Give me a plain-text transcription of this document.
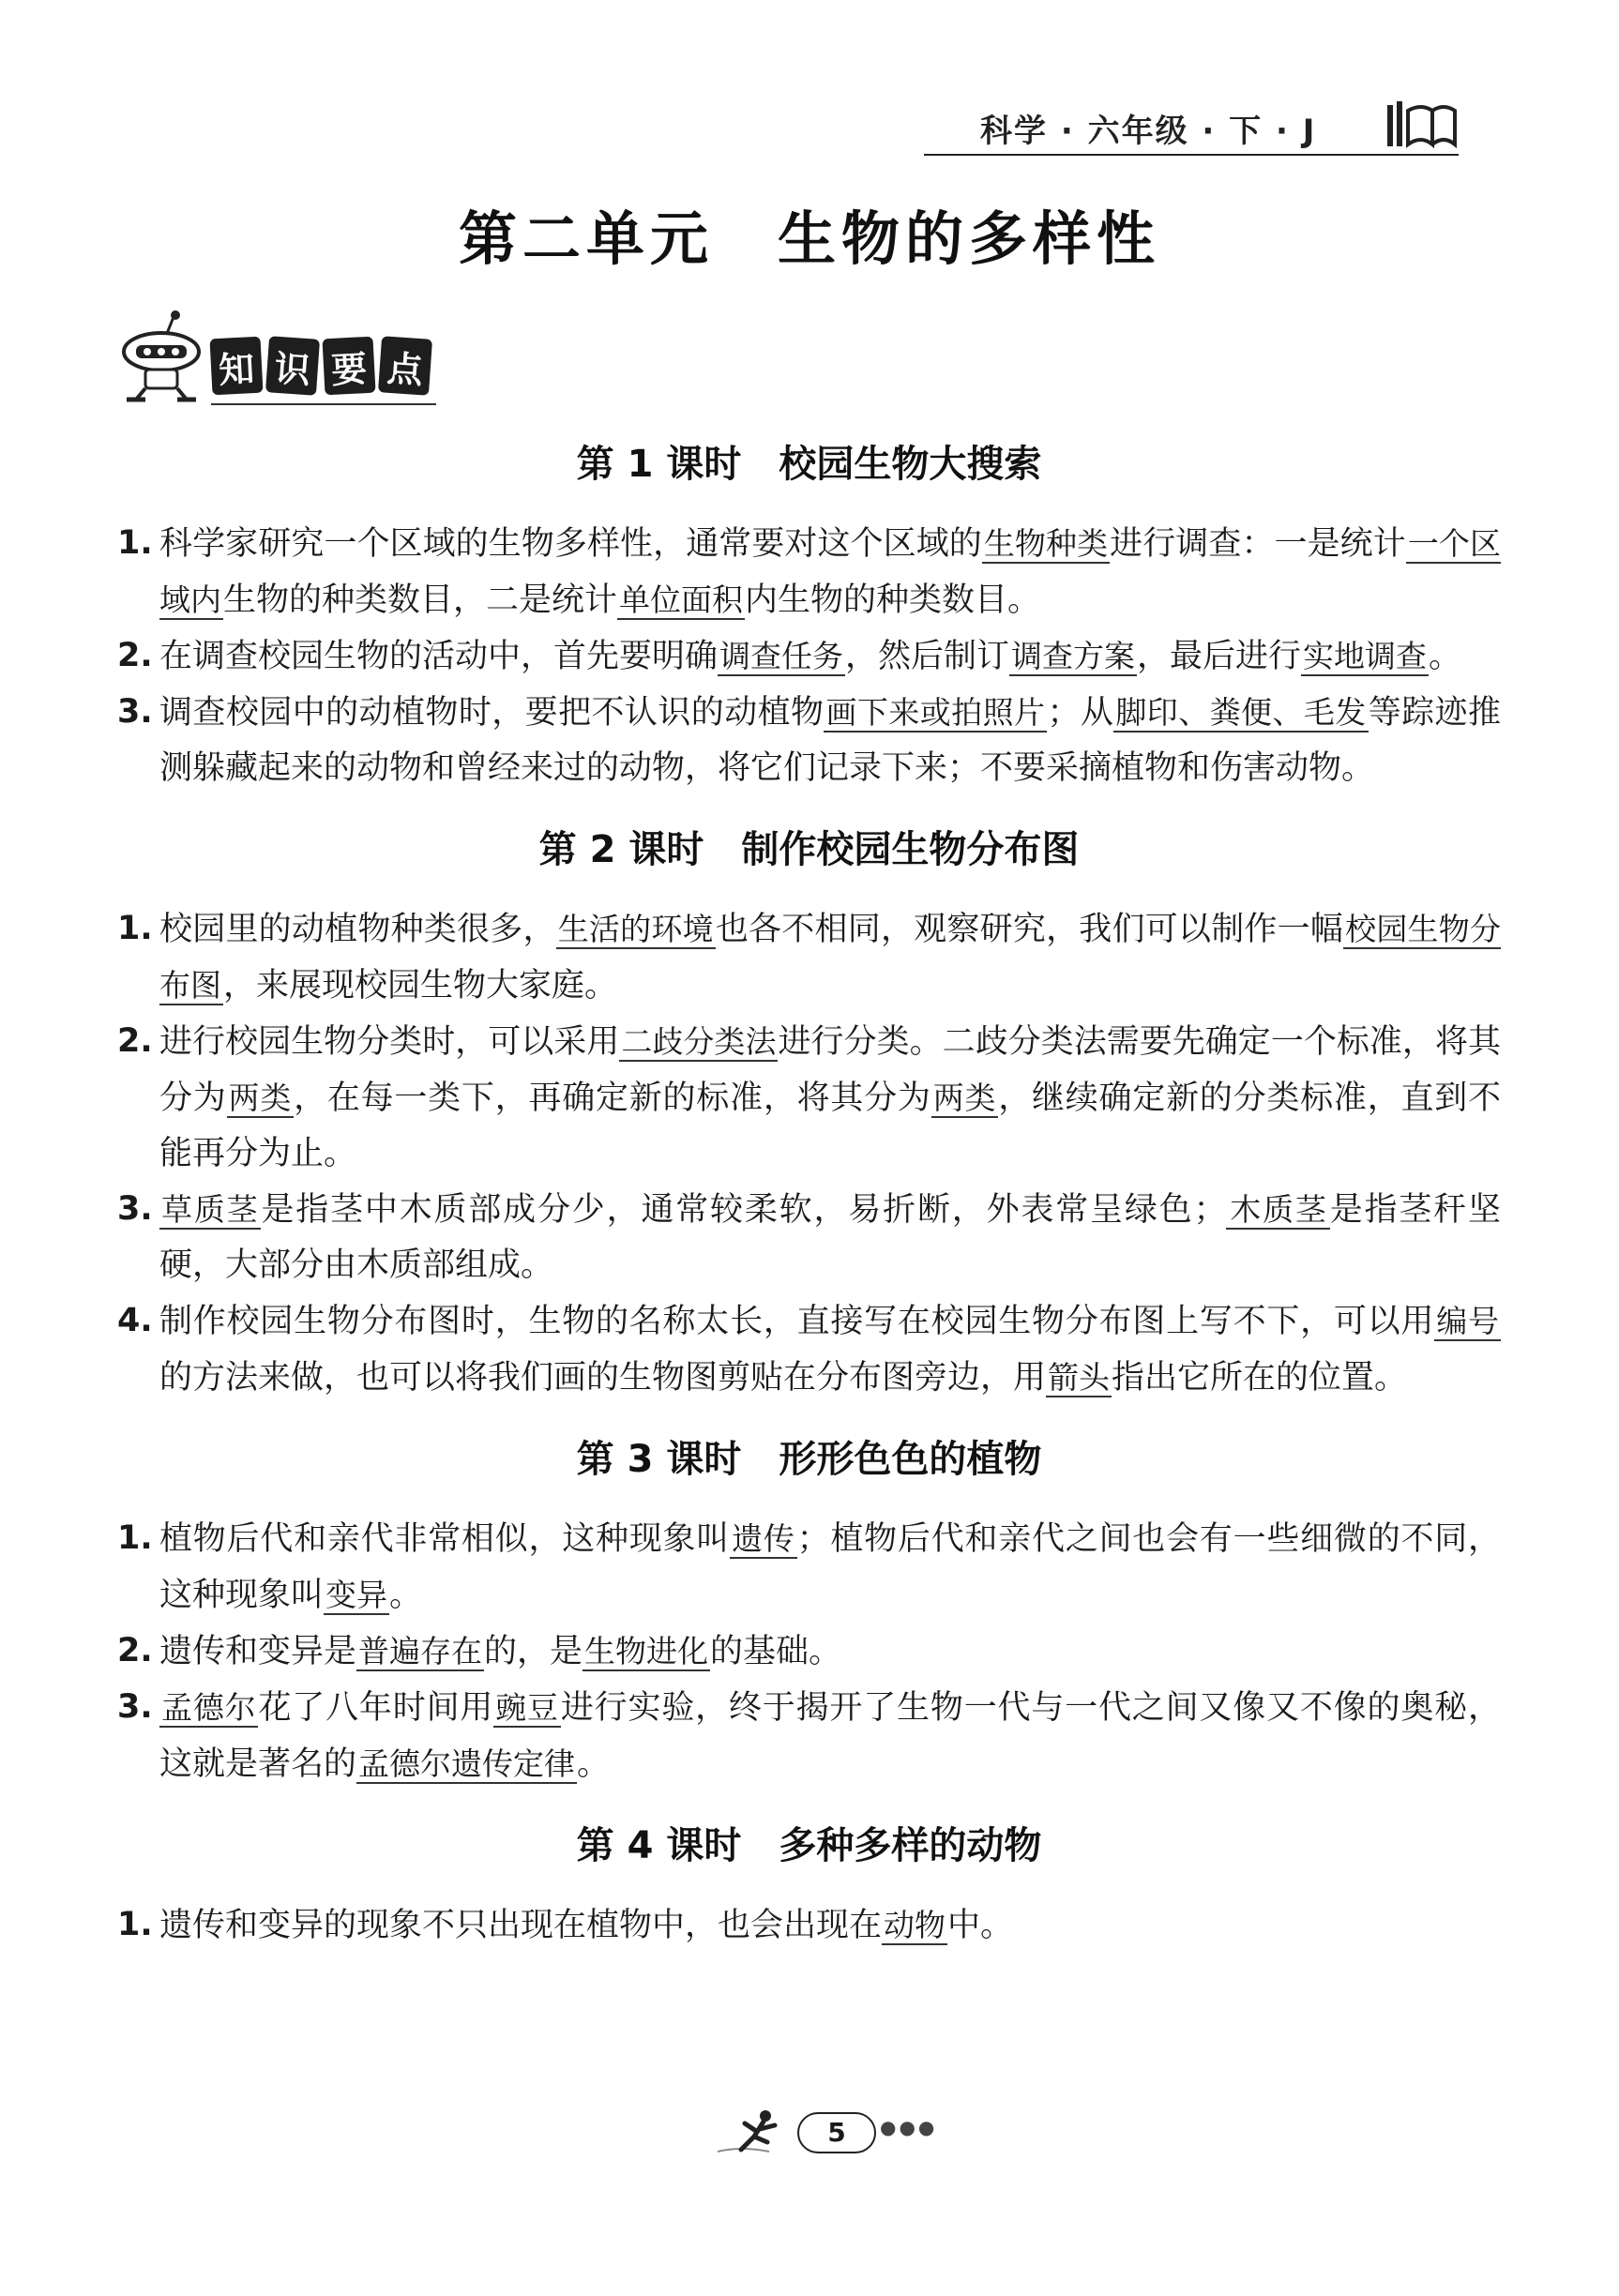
科学 · 六年级 · 下 · J
第二单元　生物的多样性
知 识 要 点
第 1 课时　校园生物大搜索
1. 科学家研究一个区域的生物多样性，通常要对这个区域的生物种类进行调查：一是统计一个区域内生物的种类数目，二是统计单位面积内生物的种类数目。
2. 在调查校园生物的活动中，首先要明确调查任务，然后制订调查方案，最后进行实地调查。
3. 调查校园中的动植物时，要把不认识的动植物画下来或拍照片；从脚印、粪便、毛发等踪迹推测躲藏起来的动物和曾经来过的动物，将它们记录下来；不要采摘植物和伤害动物。
第 2 课时　制作校园生物分布图
1. 校园里的动植物种类很多，生活的环境也各不相同，观察研究，我们可以制作一幅校园生物分布图，来展现校园生物大家庭。
2. 进行校园生物分类时，可以采用二歧分类法进行分类。二歧分类法需要先确定一个标准，将其分为两类，在每一类下，再确定新的标准，将其分为两类，继续确定新的分类标准，直到不能再分为止。
3. 草质茎是指茎中木质部成分少，通常较柔软，易折断，外表常呈绿色；木质茎是指茎秆坚硬，大部分由木质部组成。
4. 制作校园生物分布图时，生物的名称太长，直接写在校园生物分布图上写不下，可以用编号的方法来做，也可以将我们画的生物图剪贴在分布图旁边，用箭头指出它所在的位置。
第 3 课时　形形色色的植物
1. 植物后代和亲代非常相似，这种现象叫遗传；植物后代和亲代之间也会有一些细微的不同，这种现象叫变异。
2. 遗传和变异是普遍存在的，是生物进化的基础。
3. 孟德尔花了八年时间用豌豆进行实验，终于揭开了生物一代与一代之间又像又不像的奥秘，这就是著名的孟德尔遗传定律。
第 4 课时　多种多样的动物
1. 遗传和变异的现象不只出现在植物中，也会出现在动物中。
5	●●●
